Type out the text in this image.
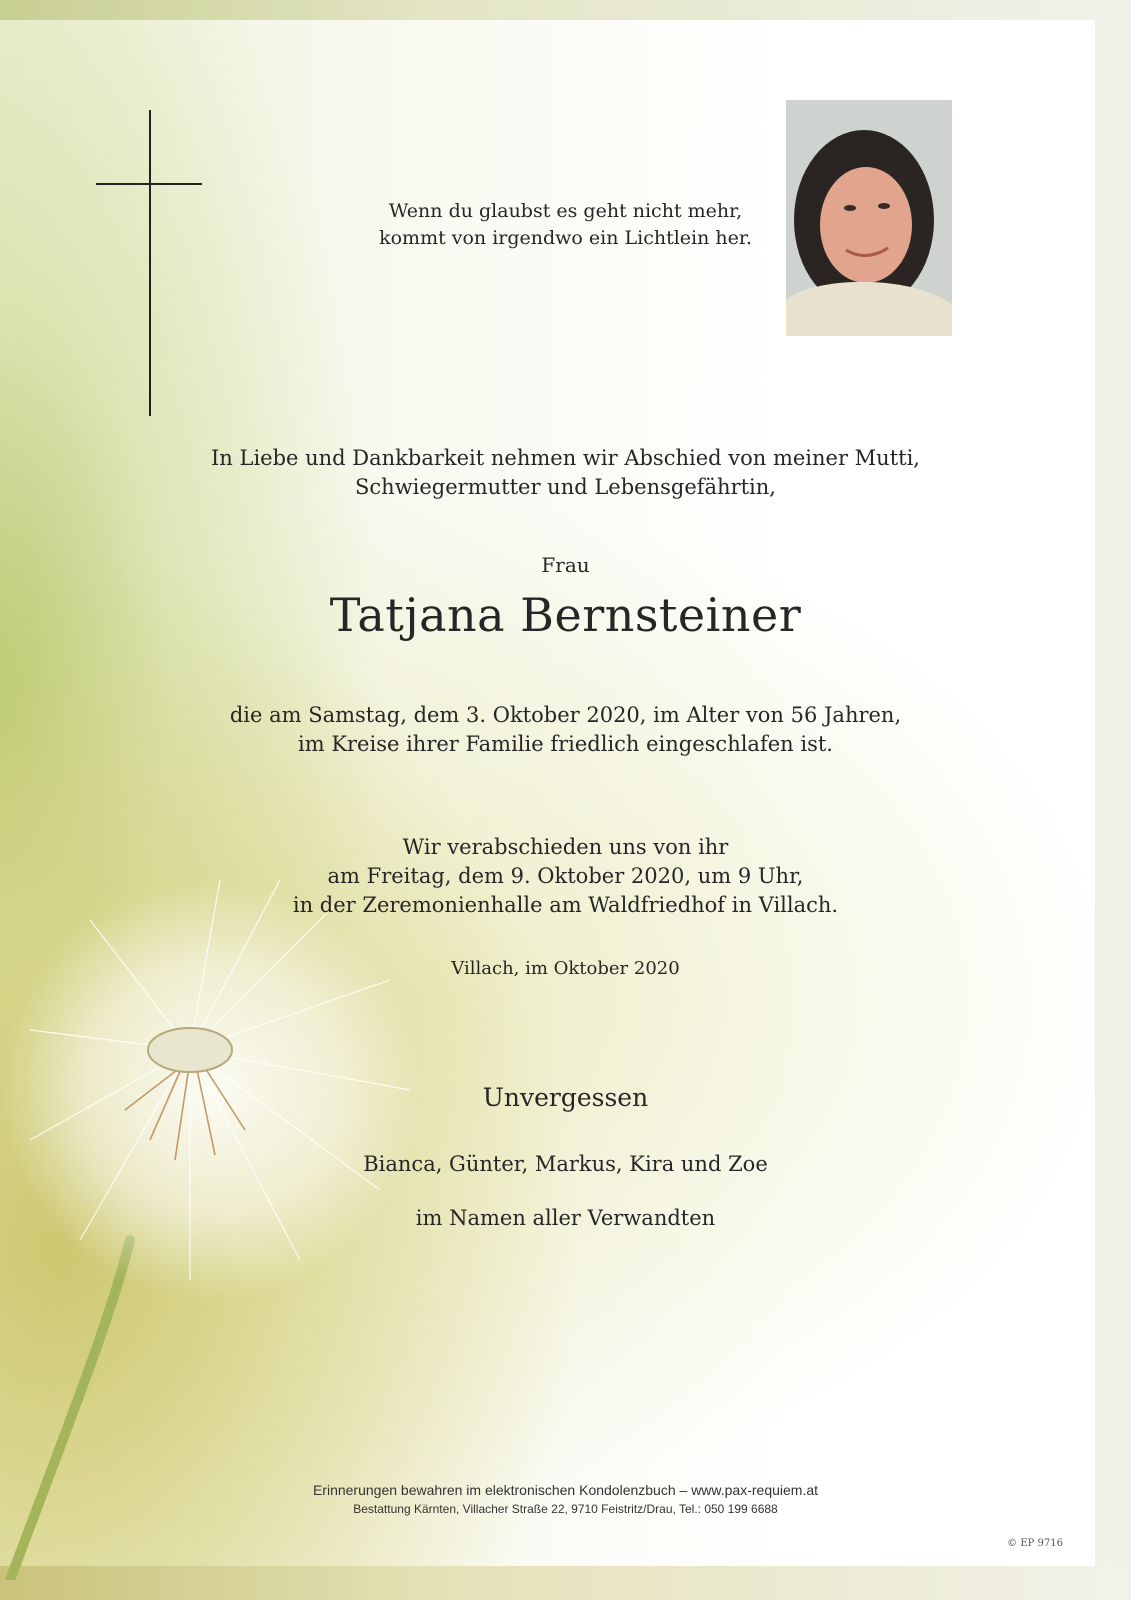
Wenn du glaubst es geht nicht mehr,
kommt von irgendwo ein Lichtlein her.
In Liebe und Dankbarkeit nehmen wir Abschied von meiner Mutti,
Schwiegermutter und Lebensgefährtin,
Frau
Tatjana Bernsteiner
die am Samstag, dem 3. Oktober 2020, im Alter von 56 Jahren,
im Kreise ihrer Familie friedlich eingeschlafen ist.
Wir verabschieden uns von ihr
am Freitag, dem 9. Oktober 2020, um 9 Uhr,
in der Zeremonienhalle am Waldfriedhof in Villach.
Villach, im Oktober 2020
Unvergessen
Bianca, Günter, Markus, Kira und Zoe
im Namen aller Verwandten
Erinnerungen bewahren im elektronischen Kondolenzbuch – www.pax-requiem.at
Bestattung Kärnten, Villacher Straße 22, 9710 Feistritz/Drau, Tel.: 050 199 6688
© EP 9716
